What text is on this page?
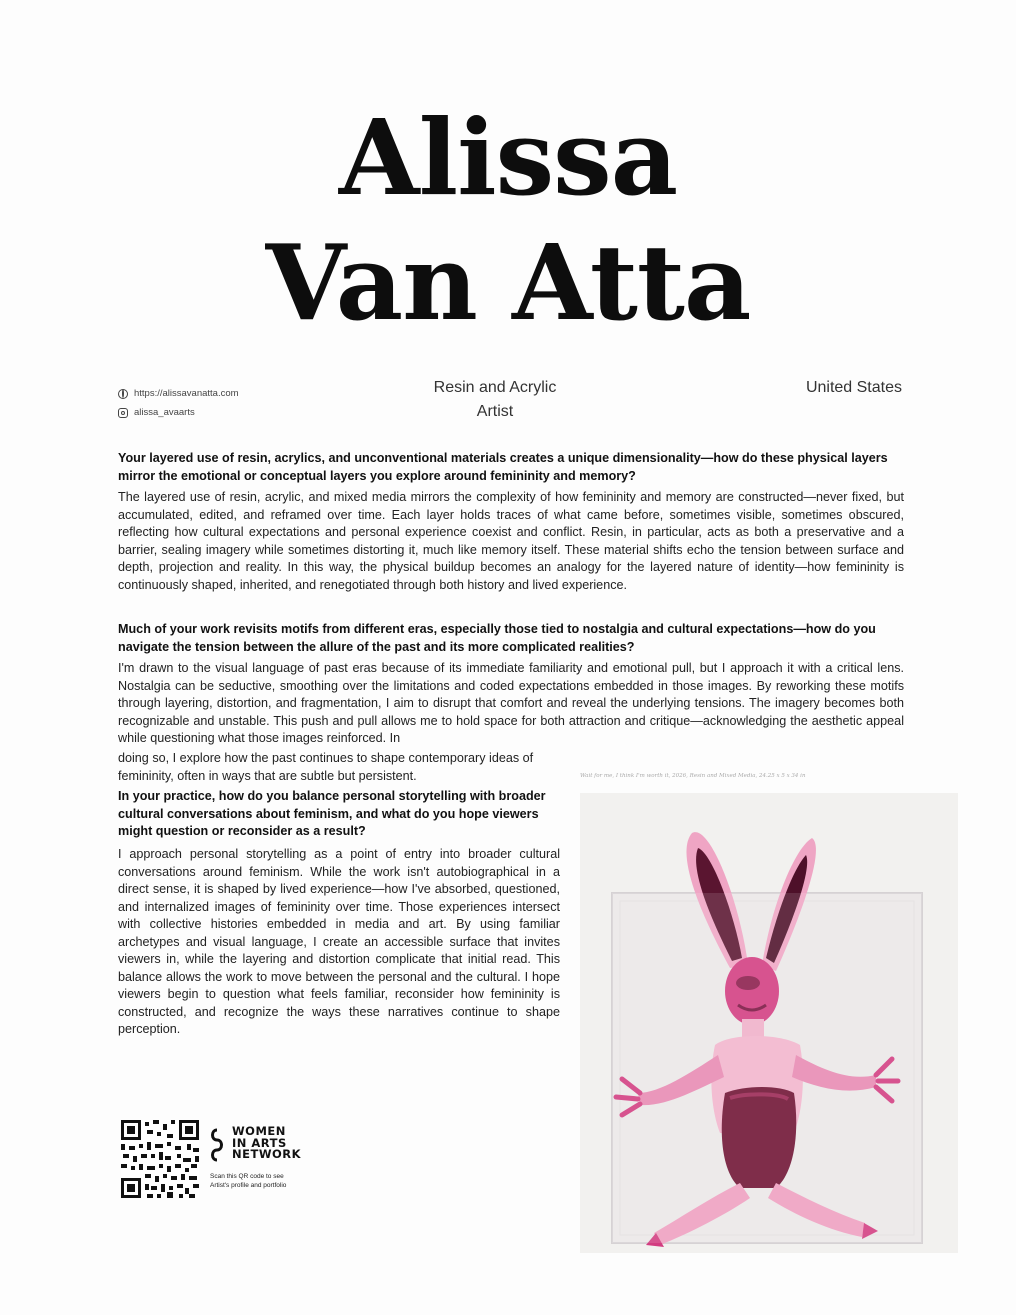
Alissa
Van Atta
https://alissavanatta.com
alissa_avaarts
Resin and Acrylic
Artist
United States
Your layered use of resin, acrylics, and unconventional materials creates a unique dimensionality—how do these physical layers mirror the emotional or conceptual layers you explore around femininity and memory?
The layered use of resin, acrylic, and mixed media mirrors the complexity of how femininity and memory are constructed—never fixed, but accumulated, edited, and reframed over time. Each layer holds traces of what came before, sometimes visible, sometimes obscured, reflecting how cultural expectations and personal experience coexist and conflict. Resin, in particular, acts as both a preservative and a barrier, sealing imagery while sometimes distorting it, much like memory itself. These material shifts echo the tension between surface and depth, projection and reality. In this way, the physical buildup becomes an analogy for the layered nature of identity—how femininity is continuously shaped, inherited, and renegotiated through both history and lived experience.
Much of your work revisits motifs from different eras, especially those tied to nostalgia and cultural expectations—how do you navigate the tension between the allure of the past and its more complicated realities?
I'm drawn to the visual language of past eras because of its immediate familiarity and emotional pull, but I approach it with a critical lens. Nostalgia can be seductive, smoothing over the limitations and coded expectations embedded in those images. By reworking these motifs through layering, distortion, and fragmentation, I aim to disrupt that comfort and reveal the underlying tensions. The imagery becomes both recognizable and unstable. This push and pull allows me to hold space for both attraction and critique—acknowledging the aesthetic appeal while questioning what those images reinforced. In
doing so, I explore how the past continues to shape contemporary ideas of femininity, often in ways that are subtle but persistent.
In your practice, how do you balance personal storytelling with broader cultural conversations about feminism, and what do you hope viewers might question or reconsider as a result?
I approach personal storytelling as a point of entry into broader cultural conversations around feminism. While the work isn't autobiographical in a direct sense, it is shaped by lived experience—how I've absorbed, questioned, and internalized images of femininity over time. Those experiences intersect with collective histories embedded in media and art. By using familiar archetypes and visual language, I create an accessible surface that invites viewers in, while the layering and distortion complicate that initial read. This balance allows the work to move between the personal and the cultural. I hope viewers begin to question what feels familiar, reconsider how femininity is constructed, and recognize the ways these narratives continue to shape perception.
Wait for me, I think I'm worth it, 2026, Resin and Mixed Media, 24.25 x 5 x 34 in
WOMEN
IN ARTS
NETWORK
Scan this QR code to see
Artist's profile and portfolio
